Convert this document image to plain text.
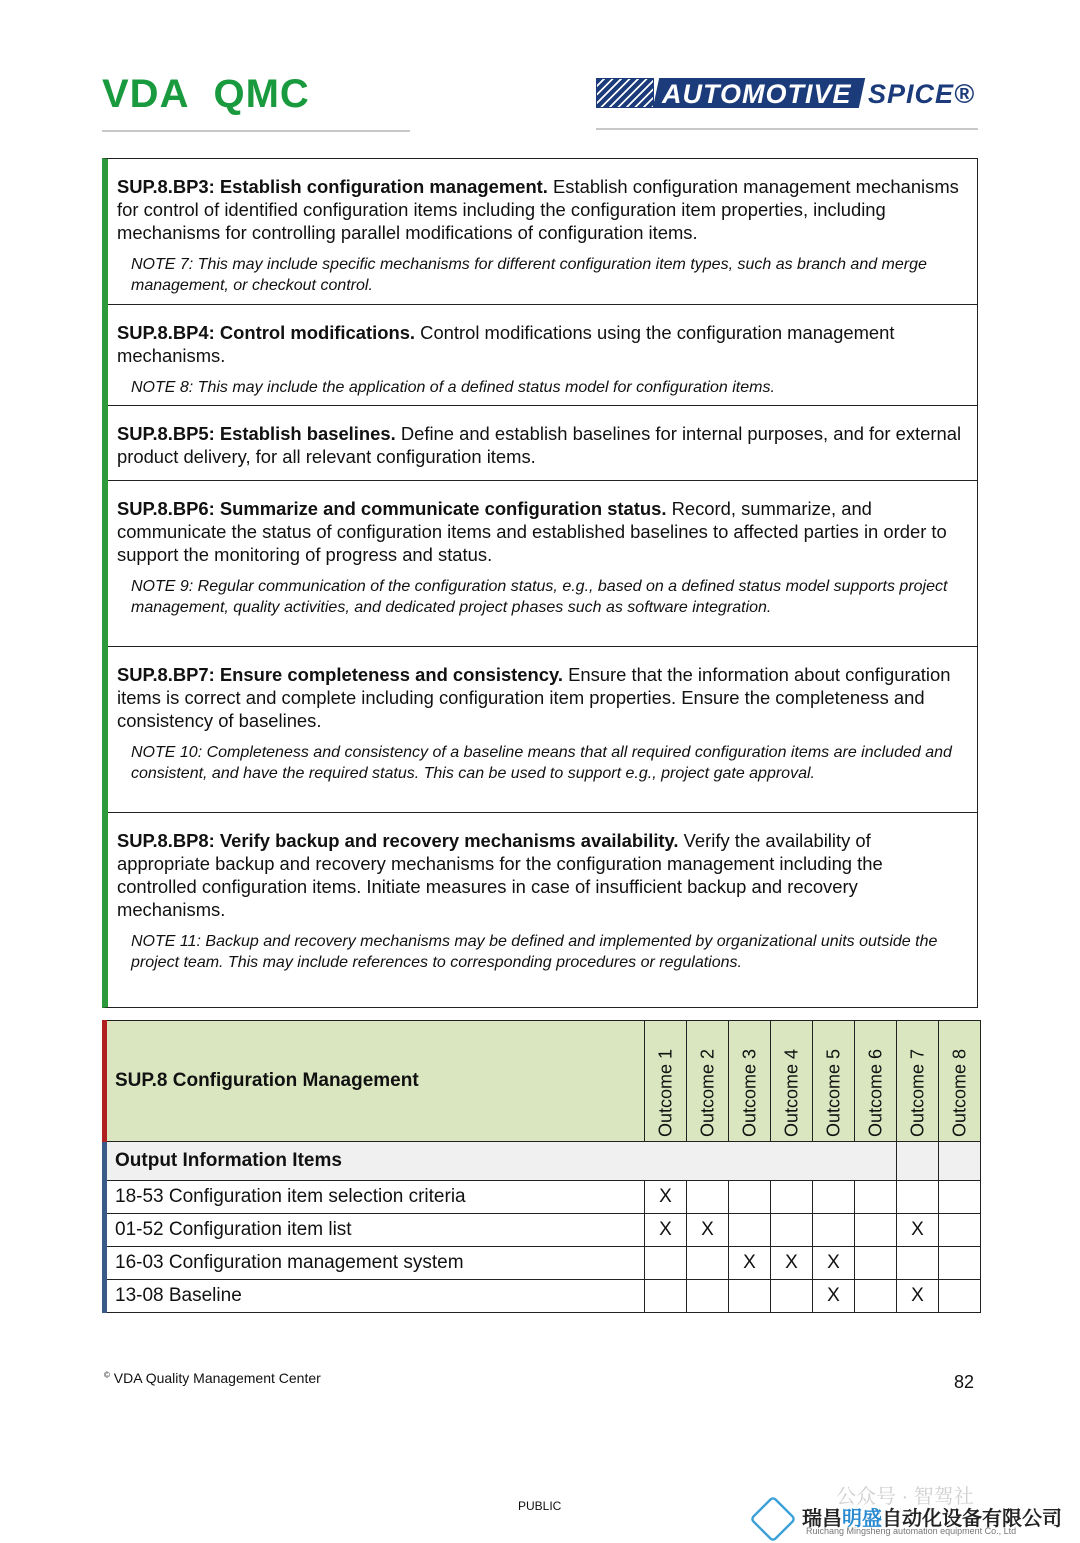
VDA QMC	AUTOMOTIVE SPICE®

SUP.8.BP3: Establish configuration management. Establish configuration management mechanisms for control of identified configuration items including the configuration item properties, including mechanisms for controlling parallel modifications of configuration items.

NOTE 7: This may include specific mechanisms for different configuration item types, such as branch and merge management, or checkout control.

SUP.8.BP4: Control modifications. Control modifications using the configuration management mechanisms.

NOTE 8: This may include the application of a defined status model for configuration items.

SUP.8.BP5: Establish baselines. Define and establish baselines for internal purposes, and for external product delivery, for all relevant configuration items.

SUP.8.BP6: Summarize and communicate configuration status. Record, summarize, and communicate the status of configuration items and established baselines to affected parties in order to support the monitoring of progress and status.

NOTE 9: Regular communication of the configuration status, e.g., based on a defined status model supports project management, quality activities, and dedicated project phases such as software integration.

SUP.8.BP7: Ensure completeness and consistency. Ensure that the information about configuration items is correct and complete including configuration item properties. Ensure the completeness and consistency of baselines.

NOTE 10: Completeness and consistency of a baseline means that all required configuration items are included and consistent, and have the required status. This can be used to support e.g., project gate approval.

SUP.8.BP8: Verify backup and recovery mechanisms availability. Verify the availability of appropriate backup and recovery mechanisms for the configuration management including the controlled configuration items. Initiate measures in case of insufficient backup and recovery mechanisms.

NOTE 11: Backup and recovery mechanisms may be defined and implemented by organizational units outside the project team. This may include references to corresponding procedures or regulations.

SUP.8 Configuration Management	Outcome 1	Outcome 2	Outcome 3	Outcome 4	Outcome 5	Outcome 6	Outcome 7	Outcome 8

Output Information Items								
18-53 Configuration item selection criteria	X							
01-52 Configuration item list	X	X					X	
16-03 Configuration management system			X	X	X			
13-08 Baseline					X		X	
© VDA Quality Management Center	82
PUBLIC	公众号 · 智驾社
瑞昌明盛自动化设备有限公司
Ruichang Mingsheng automation equipment Co., Ltd
